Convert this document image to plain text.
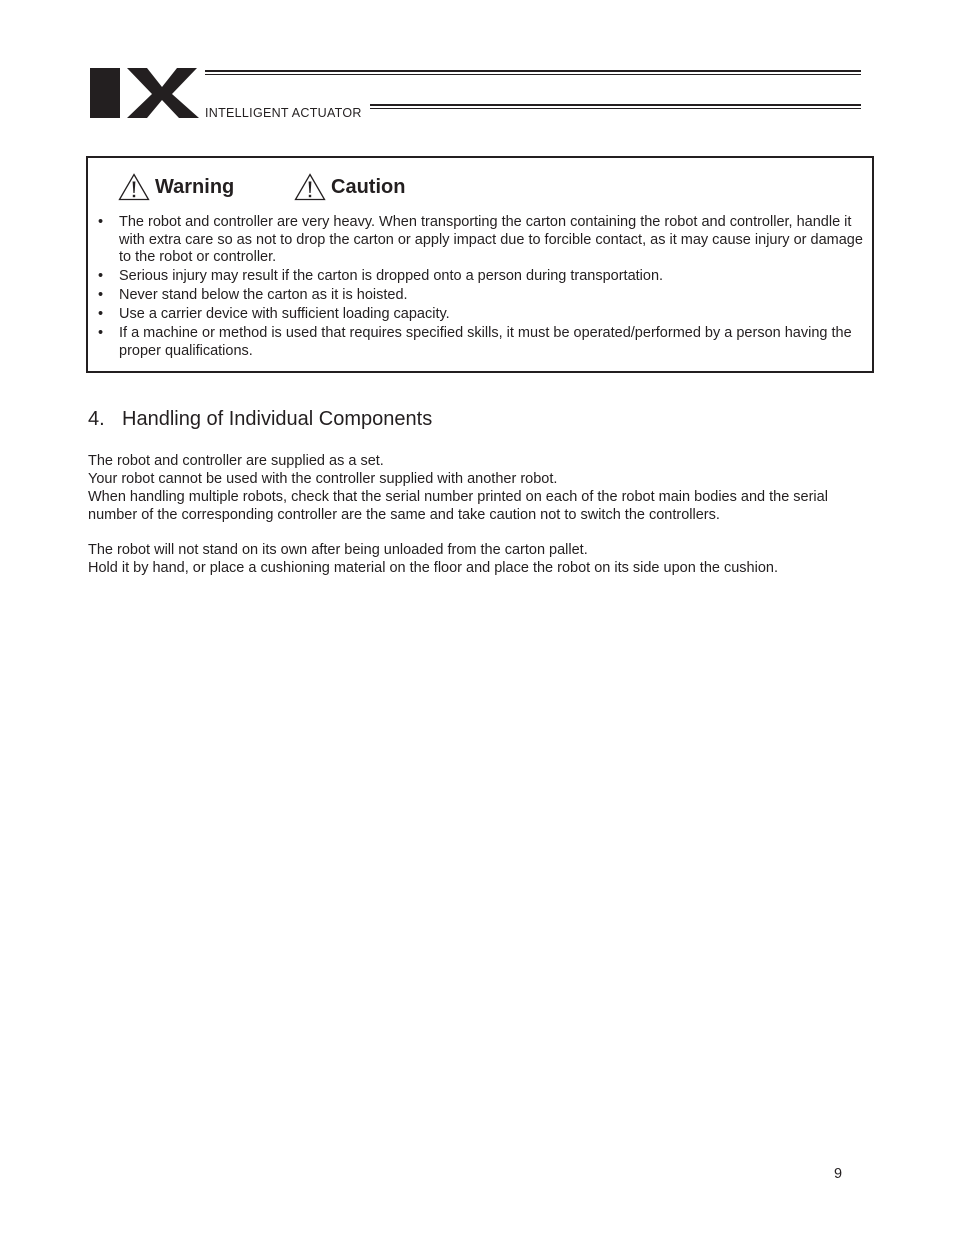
INTELLIGENT ACTUATOR
Warning	Caution
• The robot and controller are very heavy. When transporting the carton containing the robot and controller, handle it with extra care so as not to drop the carton or apply impact due to forcible contact, as it may cause injury or damage to the robot or controller.
• Serious injury may result if the carton is dropped onto a person during transportation.
• Never stand below the carton as it is hoisted.
• Use a carrier device with sufficient loading capacity.
• If a machine or method is used that requires specified skills, it must be operated/performed by a person having the proper qualifications.
4. Handling of Individual Components

The robot and controller are supplied as a set.
Your robot cannot be used with the controller supplied with another robot.
When handling multiple robots, check that the serial number printed on each of the robot main bodies and the serial number of the corresponding controller are the same and take caution not to switch the controllers.

The robot will not stand on its own after being unloaded from the carton pallet.
Hold it by hand, or place a cushioning material on the floor and place the robot on its side upon the cushion.

9
